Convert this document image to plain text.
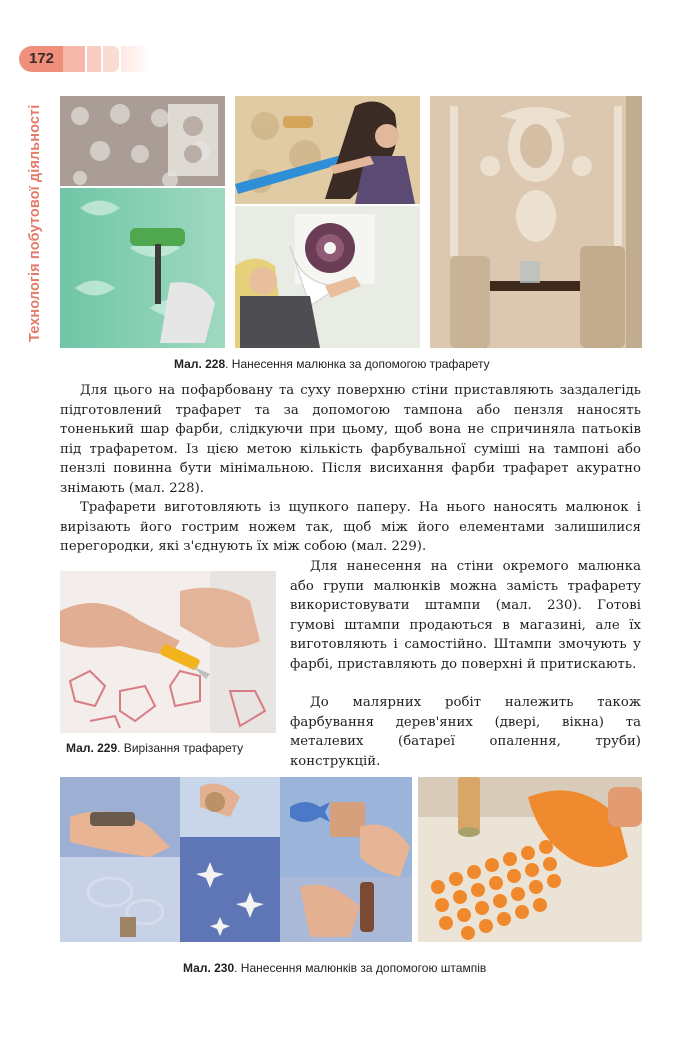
172
Технологія побутової діяльності
Мал. 228. Нанесення малюнка за допомогою трафарету

Для цього на пофарбовану та суху поверхню стіни приставляють заздалегідь підготовлений трафарет та за допомогою тампона або пензля наносять тоненький шар фарби, слідкуючи при цьому, щоб вона не спричиняла патьоків під трафаретом. Із цією метою кількість фарбувальної суміші на тампоні або пензлі повинна бути мінімальною. Після висихання фарби трафарет акуратно знімають (мал. 228).

Трафарети виготовляють із щупкого паперу. На нього наносять малюнок і вирізають його гострим ножем так, щоб між його елементами залишилися перегородки, які з'єднують їх між собою (мал. 229).

Мал. 229. Вирізання трафарету

Для нанесення на стіни окремого малюнка або групи малюнків можна замість трафарету використовувати штампи (мал. 230). Готові гумові штампи продаються в магазині, але їх виготовляють і самостійно. Штампи змочують у фарбі, приставляють до поверхні й притискають.

До малярних робіт належить також фарбування дерев'яних (двері, вікна) та металевих (батареї опалення, труби) конструкцій.

Мал. 230. Нанесення малюнків за допомогою штампів
